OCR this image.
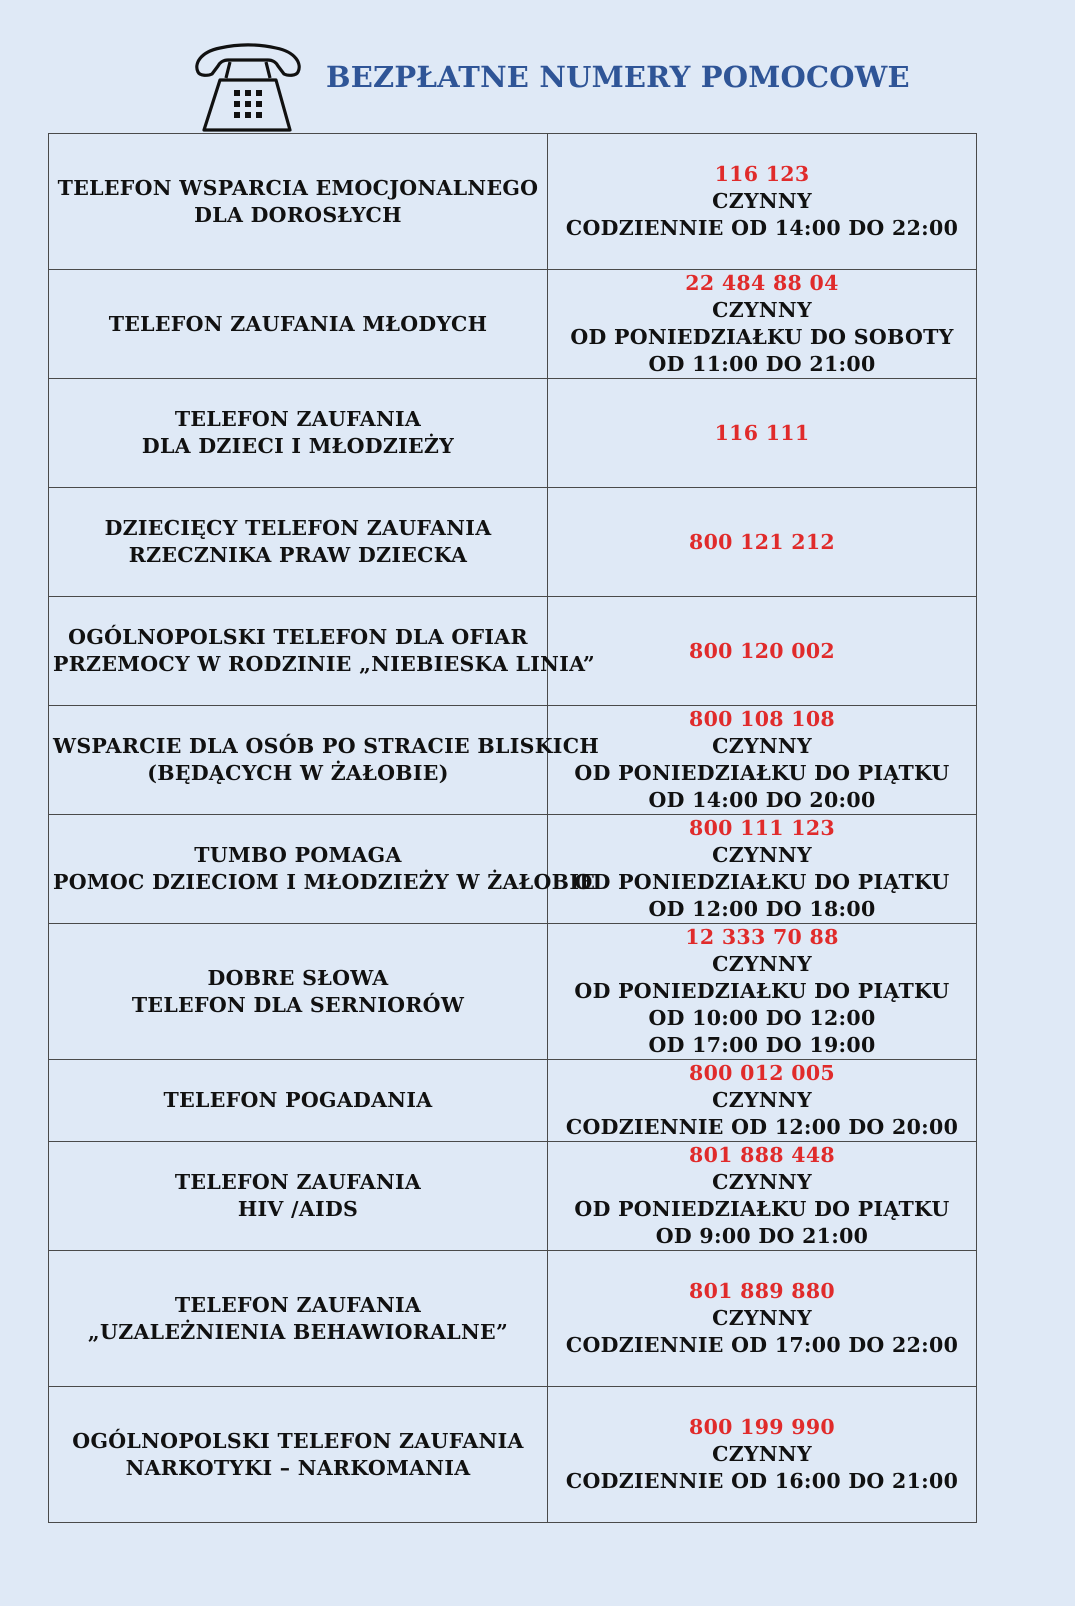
BEZPŁATNE NUMERY POMOCOWE
TELEFON WSPARCIA EMOCJONALNEGO
DLA DOROSŁYCH	116 123
CZYNNY
CODZIENNIE OD 14:00 DO 22:00

TELEFON ZAUFANIA MŁODYCH	22 484 88 04
CZYNNY
OD PONIEDZIAŁKU DO SOBOTY
OD 11:00 DO 21:00

TELEFON ZAUFANIA
DLA DZIECI I MŁODZIEŻY	116 111

DZIECIĘCY TELEFON ZAUFANIA
RZECZNIKA PRAW DZIECKA	800 121 212

OGÓLNOPOLSKI TELEFON DLA OFIAR
PRZEMOCY W RODZINIE „NIEBIESKA LINIA”	800 120 002

WSPARCIE DLA OSÓB PO STRACIE BLISKICH
(BĘDĄCYCH W ŻAŁOBIE)	800 108 108
CZYNNY
OD PONIEDZIAŁKU DO PIĄTKU
OD 14:00 DO 20:00

TUMBO POMAGA
POMOC DZIECIOM I MŁODZIEŻY W ŻAŁOBIE	800 111 123
CZYNNY
OD PONIEDZIAŁKU DO PIĄTKU
OD 12:00 DO 18:00

DOBRE SŁOWA
TELEFON DLA SERNIORÓW	12 333 70 88
CZYNNY
OD PONIEDZIAŁKU DO PIĄTKU
OD 10:00 DO 12:00
OD 17:00 DO 19:00

TELEFON POGADANIA	800 012 005
CZYNNY
CODZIENNIE OD 12:00 DO 20:00

TELEFON ZAUFANIA
HIV /AIDS	801 888 448
CZYNNY
OD PONIEDZIAŁKU DO PIĄTKU
OD 9:00 DO 21:00

TELEFON ZAUFANIA
„UZALEŻNIENIA BEHAWIORALNE”	801 889 880
CZYNNY
CODZIENNIE OD 17:00 DO 22:00

OGÓLNOPOLSKI TELEFON ZAUFANIA
NARKOTYKI – NARKOMANIA	800 199 990
CZYNNY
CODZIENNIE OD 16:00 DO 21:00
